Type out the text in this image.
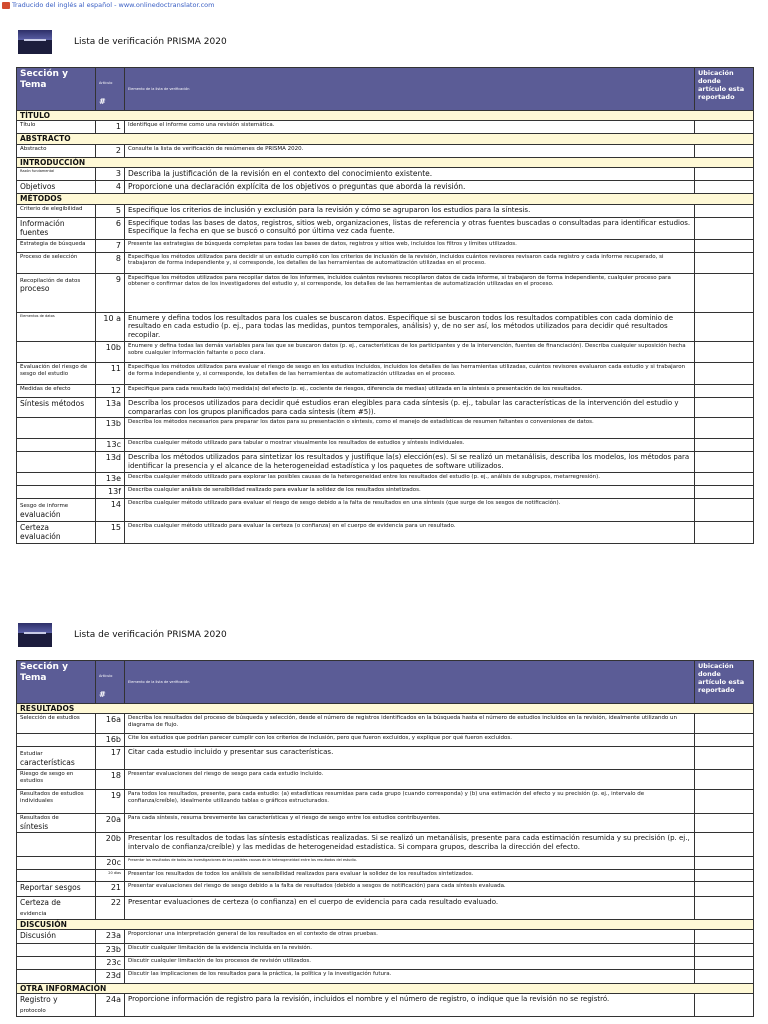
Traducido del inglés al español - www.onlinedoctranslator.com
Lista de verificación PRISMA 2020
Sección y Tema	Artículo
#	Elemento de la lista de verificación	Ubicación donde artículo esta reportado
TÍTULO			
Título	1	Identifique el informe como una revisión sistemática.	
ABSTRACTO			
Abstracto	2	Consulte la lista de verificación de resúmenes de PRISMA 2020.	
INTRODUCCIÓN			
Razón fundamental	3	Describa la justificación de la revisión en el contexto del conocimiento existente.	
Objetivos	4	Proporcione una declaración explícita de los objetivos o preguntas que aborda la revisión.	
MÉTODOS			
Criterio de elegibilidad	5	Especifique los criterios de inclusión y exclusión para la revisión y cómo se agruparon los estudios para la síntesis.	
Información
fuentes	6	Especifique todas las bases de datos, registros, sitios web, organizaciones, listas de referencia y otras fuentes buscadas o consultadas para identificar estudios. Especifique la fecha en que se buscó o consultó por última vez cada fuente.	
Estrategia de búsqueda	7	Presente las estrategias de búsqueda completas para todas las bases de datos, registros y sitios web, incluidos los filtros y límites utilizados.	
Proceso de selección	8	Especifique los métodos utilizados para decidir si un estudio cumplió con los criterios de inclusión de la revisión, incluidos cuántos revisores revisaron cada registro y cada informe recuperado, si trabajaron de forma independiente y, si corresponde, los detalles de las herramientas de automatización utilizadas en el proceso.	
Recopilación de datos
proceso	9	Especifique los métodos utilizados para recopilar datos de los informes, incluidos cuántos revisores recopilaron datos de cada informe, si trabajaron de forma independiente, cualquier proceso para obtener o confirmar datos de los investigadores del estudio y, si corresponde, los detalles de las herramientas de automatización utilizadas en el proceso.	
Elementos de datos	10 a	Enumere y defina todos los resultados para los cuales se buscaron datos. Especifique si se buscaron todos los resultados compatibles con cada dominio de resultado en cada estudio (p. ej., para todas las medidas, puntos temporales, análisis) y, de no ser así, los métodos utilizados para decidir qué resultados recopilar.	
	10b	Enumere y defina todas las demás variables para las que se buscaron datos (p. ej., características de los participantes y de la intervención, fuentes de financiación). Describa cualquier suposición hecha sobre cualquier información faltante o poco clara.	
Evaluación del riesgo de sesgo del estudio	11	Especifique los métodos utilizados para evaluar el riesgo de sesgo en los estudios incluidos, incluidos los detalles de las herramientas utilizadas, cuántos revisores evaluaron cada estudio y si trabajaron de forma independiente y, si corresponde, los detalles de las herramientas de automatización utilizadas en el proceso.	
Medidas de efecto	12	Especifique para cada resultado la(s) medida(s) del efecto (p. ej., cociente de riesgos, diferencia de medias) utilizada en la síntesis o presentación de los resultados.	
Síntesis métodos	13a	Describa los procesos utilizados para decidir qué estudios eran elegibles para cada síntesis (p. ej., tabular las características de la intervención del estudio y compararlas con los grupos planificados para cada síntesis (ítem #5)).	
	13b	Describa los métodos necesarios para preparar los datos para su presentación o síntesis, como el manejo de estadísticas de resumen faltantes o conversiones de datos.	
	13c	Describa cualquier método utilizado para tabular o mostrar visualmente los resultados de estudios y síntesis individuales.	
	13d	Describa los métodos utilizados para sintetizar los resultados y justifique la(s) elección(es). Si se realizó un metanálisis, describa los modelos, los métodos para identificar la presencia y el alcance de la heterogeneidad estadística y los paquetes de software utilizados.	
	13e	Describa cualquier método utilizado para explorar las posibles causas de la heterogeneidad entre los resultados del estudio (p. ej., análisis de subgrupos, metarregresión).	
	13f	Describa cualquier análisis de sensibilidad realizado para evaluar la solidez de los resultados sintetizados.	
Sesgo de informe
evaluación	14	Describa cualquier método utilizado para evaluar el riesgo de sesgo debido a la falta de resultados en una síntesis (que surge de los sesgos de notificación).	
Certeza evaluación	15	Describa cualquier método utilizado para evaluar la certeza (o confianza) en el cuerpo de evidencia para un resultado.	
Lista de verificación PRISMA 2020
Sección y Tema	Artículo
#	Elemento de la lista de verificación	Ubicación donde artículo esta reportado
RESULTADOS			
Selección de estudios	16a	Describa los resultados del proceso de búsqueda y selección, desde el número de registros identificados en la búsqueda hasta el número de estudios incluidos en la revisión, idealmente utilizando un diagrama de flujo.	
	16b	Cite los estudios que podrían parecer cumplir con los criterios de inclusión, pero que fueron excluidos, y explique por qué fueron excluidos.	
Estudiar
características	17	Citar cada estudio incluido y presentar sus características.	
Riesgo de sesgo en estudios	18	Presentar evaluaciones del riesgo de sesgo para cada estudio incluido.	
Resultados de estudios individuales	19	Para todos los resultados, presente, para cada estudio: (a) estadísticas resumidas para cada grupo (cuando corresponda) y (b) una estimación del efecto y su precisión (p. ej., intervalo de confianza/creíble), idealmente utilizando tablas o gráficos estructurados.	
Resultados de
síntesis	20a	Para cada síntesis, resuma brevemente las características y el riesgo de sesgo entre los estudios contribuyentes.	
	20b	Presentar los resultados de todas las síntesis estadísticas realizadas. Si se realizó un metanálisis, presente para cada estimación resumida y su precisión (p. ej., intervalo de confianza/creíble) y las medidas de heterogeneidad estadística. Si compara grupos, describa la dirección del efecto.	
	20c	Presentar los resultados de todas las investigaciones de las posibles causas de la heterogeneidad entre los resultados del estudio.	
	20 días	Presentar los resultados de todos los análisis de sensibilidad realizados para evaluar la solidez de los resultados sintetizados.	
Reportar sesgos	21	Presentar evaluaciones del riesgo de sesgo debido a la falta de resultados (debido a sesgos de notificación) para cada síntesis evaluada.	
Certeza de
evidencia	22	Presentar evaluaciones de certeza (o confianza) en el cuerpo de evidencia para cada resultado evaluado.	
DISCUSIÓN			
Discusión	23a	Proporcionar una interpretación general de los resultados en el contexto de otras pruebas.	
	23b	Discutir cualquier limitación de la evidencia incluida en la revisión.	
	23c	Discutir cualquier limitación de los procesos de revisión utilizados.	
	23d	Discutir las implicaciones de los resultados para la práctica, la política y la investigación futura.	
OTRA INFORMACIÓN			
Registro y
protocolo	24a	Proporcione información de registro para la revisión, incluidos el nombre y el número de registro, o indique que la revisión no se registró.	
